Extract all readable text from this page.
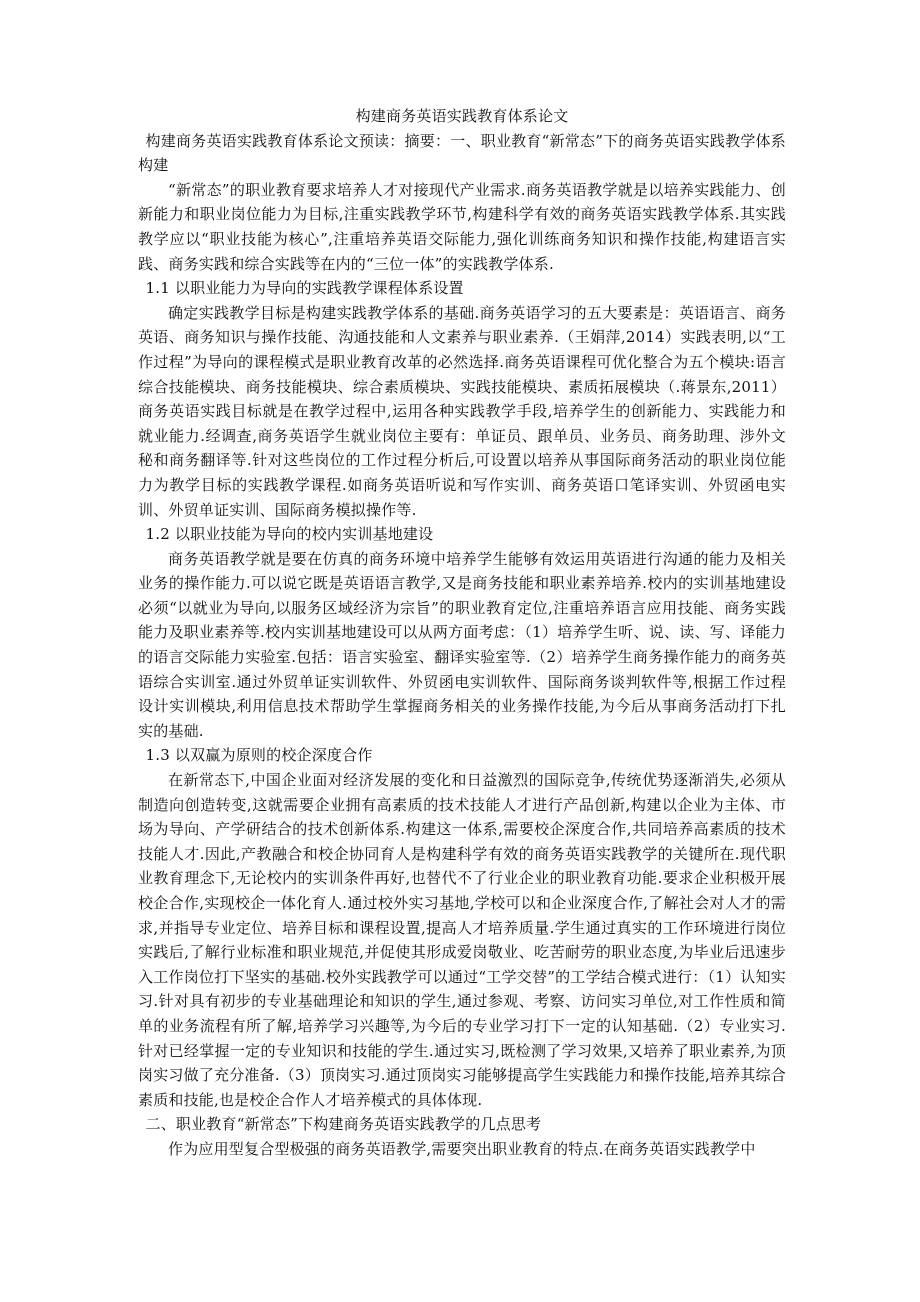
构建商务英语实践教育体系论文

构建商务英语实践教育体系论文预读：摘要：一、职业教育“新常态”下的商务英语实践教学体系构建

“新常态”的职业教育要求培养人才对接现代产业需求.商务英语教学就是以培养实践能力、创新能力和职业岗位能力为目标,注重实践教学环节,构建科学有效的商务英语实践教学体系.其实践教学应以“职业技能为核心”,注重培养英语交际能力,强化训练商务知识和操作技能,构建语言实践、商务实践和综合实践等在内的“三位一体”的实践教学体系.

1.1 以职业能力为导向的实践教学课程体系设置

确定实践教学目标是构建实践教学体系的基础.商务英语学习的五大要素是：英语语言、商务英语、商务知识与操作技能、沟通技能和人文素养与职业素养.（王娟萍,2014）实践表明,以“工作过程”为导向的课程模式是职业教育改革的必然选择.商务英语课程可优化整合为五个模块:语言综合技能模块、商务技能模块、综合素质模块、实践技能模块、素质拓展模块（.蒋景东,2011）商务英语实践目标就是在教学过程中,运用各种实践教学手段,培养学生的创新能力、实践能力和就业能力.经调查,商务英语学生就业岗位主要有：单证员、跟单员、业务员、商务助理、涉外文秘和商务翻译等.针对这些岗位的工作过程分析后,可设置以培养从事国际商务活动的职业岗位能力为教学目标的实践教学课程.如商务英语听说和写作实训、商务英语口笔译实训、外贸函电实训、外贸单证实训、国际商务模拟操作等.

1.2 以职业技能为导向的校内实训基地建设

商务英语教学就是要在仿真的商务环境中培养学生能够有效运用英语进行沟通的能力及相关业务的操作能力.可以说它既是英语语言教学,又是商务技能和职业素养培养.校内的实训基地建设必须“以就业为导向,以服务区域经济为宗旨”的职业教育定位,注重培养语言应用技能、商务实践能力及职业素养等.校内实训基地建设可以从两方面考虑：（1）培养学生听、说、读、写、译能力的语言交际能力实验室.包括：语言实验室、翻译实验室等.（2）培养学生商务操作能力的商务英语综合实训室.通过外贸单证实训软件、外贸函电实训软件、国际商务谈判软件等,根据工作过程设计实训模块,利用信息技术帮助学生掌握商务相关的业务操作技能,为今后从事商务活动打下扎实的基础.

1.3 以双赢为原则的校企深度合作

在新常态下,中国企业面对经济发展的变化和日益激烈的国际竞争,传统优势逐渐消失,必须从制造向创造转变,这就需要企业拥有高素质的技术技能人才进行产品创新,构建以企业为主体、市场为导向、产学研结合的技术创新体系.构建这一体系,需要校企深度合作,共同培养高素质的技术技能人才.因此,产教融合和校企协同育人是构建科学有效的商务英语实践教学的关键所在.现代职业教育理念下,无论校内的实训条件再好,也替代不了行业企业的职业教育功能.要求企业积极开展校企合作,实现校企一体化育人.通过校外实习基地,学校可以和企业深度合作,了解社会对人才的需求,并指导专业定位、培养目标和课程设置,提高人才培养质量.学生通过真实的工作环境进行岗位实践后,了解行业标准和职业规范,并促使其形成爱岗敬业、吃苦耐劳的职业态度,为毕业后迅速步入工作岗位打下坚实的基础.校外实践教学可以通过“工学交替”的工学结合模式进行：（1）认知实习.针对具有初步的专业基础理论和知识的学生,通过参观、考察、访问实习单位,对工作性质和简单的业务流程有所了解,培养学习兴趣等,为今后的专业学习打下一定的认知基础.（2）专业实习.针对已经掌握一定的专业知识和技能的学生.通过实习,既检测了学习效果,又培养了职业素养,为顶岗实习做了充分准备.（3）顶岗实习.通过顶岗实习能够提高学生实践能力和操作技能,培养其综合素质和技能,也是校企合作人才培养模式的具体体现.

二、职业教育“新常态”下构建商务英语实践教学的几点思考

作为应用型复合型极强的商务英语教学,需要突出职业教育的特点.在商务英语实践教学中
